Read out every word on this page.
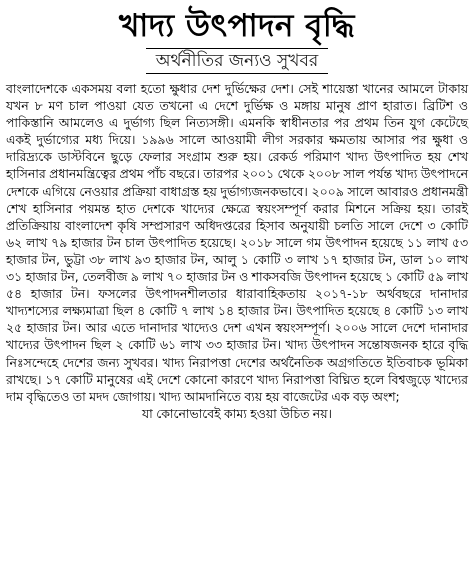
খাদ্য উৎপাদন বৃদ্ধি
অর্থনীতির জন্যও সুখবর
বাংলাদেশকে একসময় বলা হতো ক্ষুধার দেশ দুর্ভিক্ষের দেশ। সেই শায়েস্তা খানের আমলে টাকায় যখন ৮ মণ চাল পাওয়া যেত তখনো এ দেশে দুর্ভিক্ষ ও মঙ্গায় মানুষ প্রাণ হারাত। ব্রিটিশ ও পাকিস্তানি আমলেও এ দুর্ভাগ্য ছিল নিত্যসঙ্গী। এমনকি স্বাধীনতার পর প্রথম তিন যুগ কেটেছে একই দুর্ভাগ্যের মধ্য দিয়ে। ১৯৯৬ সালে আওয়ামী লীগ সরকার ক্ষমতায় আসার পর ক্ষুধা ও দারিদ্র্যকে ডাস্টবিনে ছুড়ে ফেলার সংগ্রাম শুরু হয়। রেকর্ড পরিমাণ খাদ্য উৎপাদিত হয় শেখ হাসিনার প্রধানমন্ত্রিত্বের প্রথম পাঁচ বছরে। তারপর ২০০১ থেকে ২০০৮ সাল পর্যন্ত খাদ্য উৎপাদনে দেশকে এগিয়ে নেওয়ার প্রক্রিয়া বাধাগ্রস্ত হয় দুর্ভাগ্যজনকভাবে। ২০০৯ সালে আবারও প্রধানমন্ত্রী শেখ হাসিনার পয়মন্ত হাত দেশকে খাদ্যের ক্ষেত্রে স্বয়ংসম্পূর্ণ করার মিশনে সক্রিয় হয়। তারই প্রতিক্রিয়ায় বাংলাদেশ কৃষি সম্প্রসারণ অধিদপ্তরের হিসাব অনুযায়ী চলতি সালে দেশে ৩ কোটি ৬২ লাখ ৭৯ হাজার টন চাল উৎপাদিত হয়েছে। ২০১৮ সালে গম উৎপাদন হয়েছে ১১ লাখ ৫৩ হাজার টন, ভুট্টা ৩৮ লাখ ৯৩ হাজার টন, আলু ১ কোটি ৩ লাখ ১৭ হাজার টন, ডাল ১০ লাখ ৩১ হাজার টন, তেলবীজ ৯ লাখ ৭০ হাজার টন ও শাকসবজি উৎপাদন হয়েছে ১ কোটি ৫৯ লাখ ৫৪ হাজার টন। ফসলের উৎপাদনশীলতার ধারাবাহিকতায় ২০১৭-১৮ অর্থবছরে দানাদার খাদ্যশস্যের লক্ষ্যমাত্রা ছিল ৪ কোটি ৭ লাখ ১৪ হাজার টন। উৎপাদিত হয়েছে ৪ কোটি ১৩ লাখ ২৫ হাজার টন। আর এতে দানাদার খাদ্যেও দেশ এখন স্বয়ংসম্পূর্ণ। ২০০৬ সালে দেশে দানাদার খাদ্যের উৎপাদন ছিল ২ কোটি ৬১ লাখ ৩৩ হাজার টন। খাদ্য উৎপাদন সন্তোষজনক হারে বৃদ্ধি নিঃসন্দেহে দেশের জন্য সুখবর। খাদ্য নিরাপত্তা দেশের অর্থনৈতিক অগ্রগতিতে ইতিবাচক ভূমিকা রাখছে। ১৭ কোটি মানুষের এই দেশে কোনো কারণে খাদ্য নিরাপত্তা বিঘ্নিত হলে বিশ্বজুড়ে খাদ্যের দাম বৃদ্ধিতেও তা মদদ জোগায়। খাদ্য আমদানিতে ব্যয় হয় বাজেটের এক বড় অংশ;
যা কোনোভাবেই কাম্য হওয়া উচিত নয়।
